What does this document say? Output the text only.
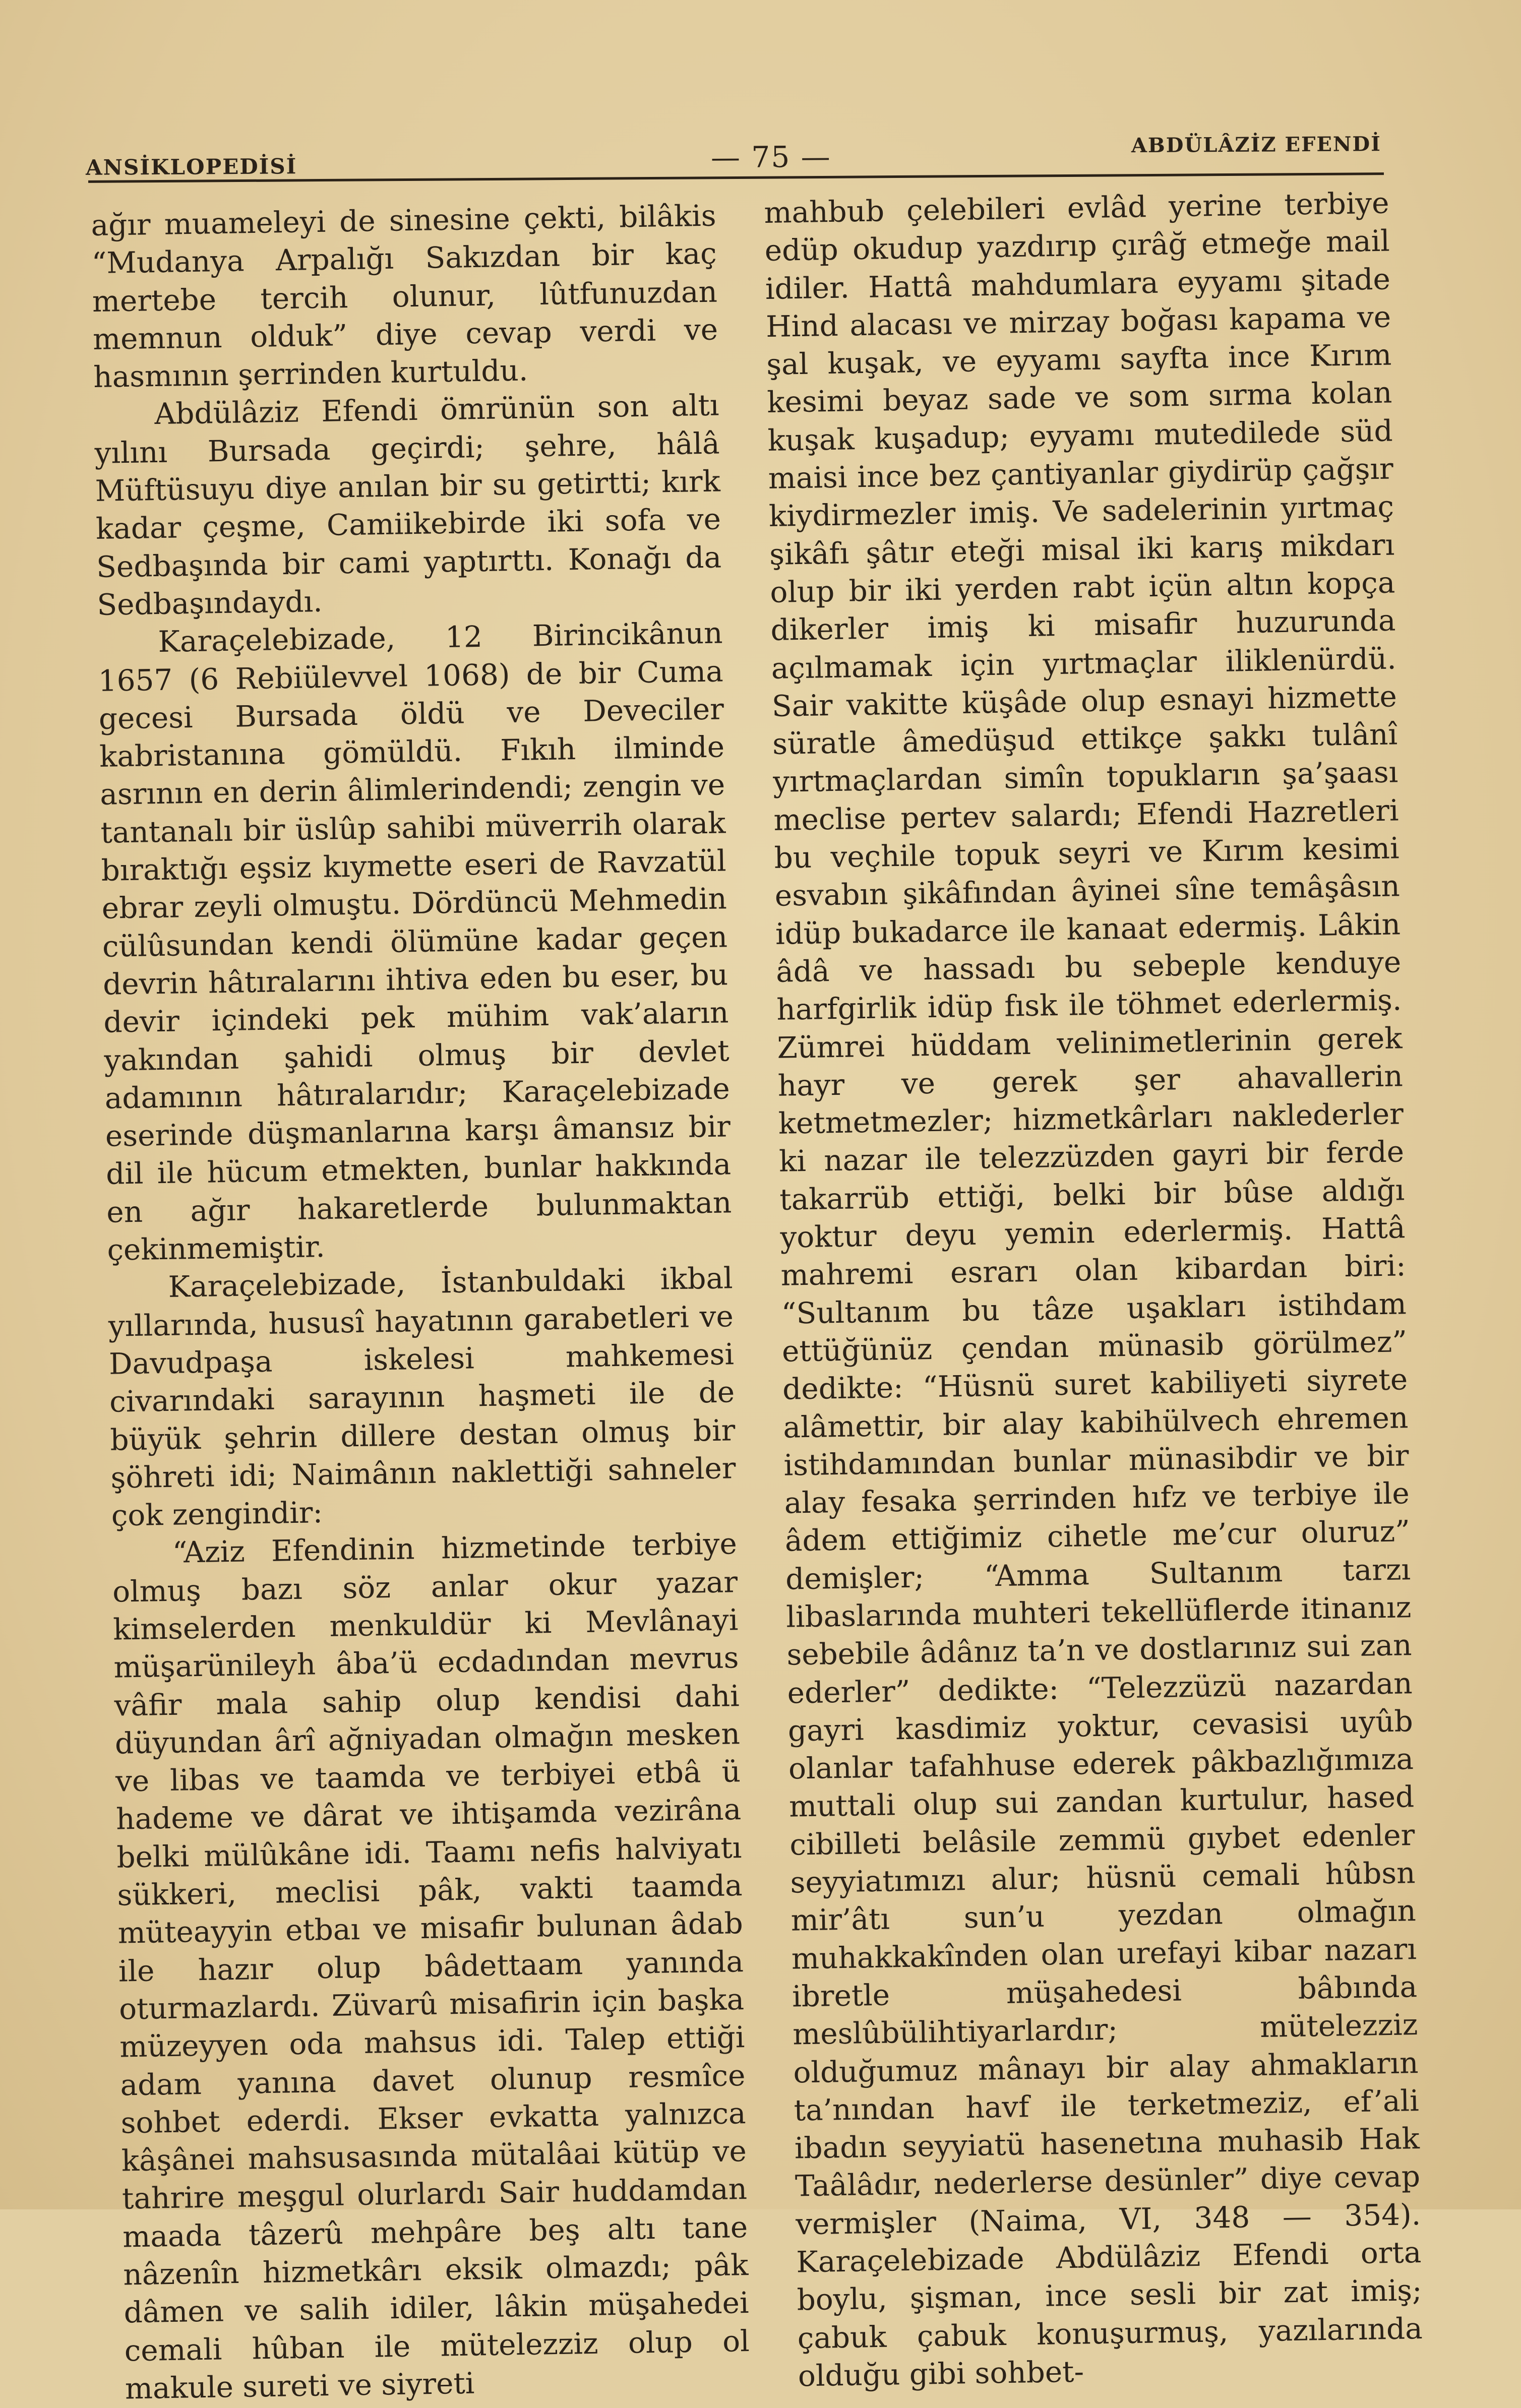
ANSİKLOPEDİSİ	— 75 —	ABDÜLÂZİZ EFENDİ

ağır muameleyi de sinesine çekti, bilâkis “Mudanya Arpalığı Sakızdan bir kaç mertebe tercih olunur, lûtfunuzdan memnun olduk” diye cevap verdi ve hasmının şerrinden kurtuldu.

Abdülâziz Efendi ömrünün son altı yılını Bursada geçirdi; şehre, hâlâ Müftüsuyu diye anılan bir su getirtti; kırk kadar çeşme, Camiikebirde iki sofa ve Sedbaşında bir cami yaptırttı. Konağı da Sedbaşındaydı.

Karaçelebizade, 12 Birincikânun 1657 (6 Rebiülevvel 1068) de bir Cuma gecesi Bursada öldü ve Deveciler kabristanına gömüldü. Fıkıh ilminde asrının en derin âlimlerindendi; zengin ve tantanalı bir üslûp sahibi müverrih olarak bıraktığı eşsiz kıymette eseri de Ravzatül ebrar zeyli olmuştu. Dördüncü Mehmedin cülûsundan kendi ölümüne kadar geçen devrin hâtıralarını ihtiva eden bu eser, bu devir içindeki pek mühim vak’aların yakından şahidi olmuş bir devlet adamının hâtıralarıdır; Karaçelebizade eserinde düşmanlarına karşı âmansız bir dil ile hücum etmekten, bunlar hakkında en ağır hakaretlerde bulunmaktan çekinmemiştir.

Karaçelebizade, İstanbuldaki ikbal yıllarında, hususî hayatının garabetleri ve Davudpaşa iskelesi mahkemesi civarındaki sarayının haşmeti ile de büyük şehrin dillere destan olmuş bir şöhreti idi; Naimânın naklettiği sahneler çok zengindir:

“Aziz Efendinin hizmetinde terbiye olmuş bazı söz anlar okur yazar kimselerden menkuldür ki Mevlânayi müşarünileyh âba’ü ecdadından mevrus vâfir mala sahip olup kendisi dahi düyundan ârî ağniyadan olmağın mesken ve libas ve taamda ve terbiyei etbâ ü hademe ve dârat ve ihtişamda vezirâna belki mülûkâne idi. Taamı nefis halviyatı sükkeri, meclisi pâk, vakti taamda müteayyin etbaı ve misafir bulunan âdab ile hazır olup bâdettaam yanında oturmazlardı. Züvarû misafirin için başka müzeyyen oda mahsus idi. Talep ettiği adam yanına davet olunup resmîce sohbet ederdi. Ekser evkatta yalnızca kâşânei mahsusasında mütalâai kütüp ve tahrire meşgul olurlardı Sair huddamdan maada tâzerû mehpâre beş altı tane nâzenîn hizmetkârı eksik olmazdı; pâk dâmen ve salih idiler, lâkin müşahedei cemali hûban ile mütelezziz olup ol makule sureti ve siyreti

mahbub çelebileri evlâd yerine terbiye edüp okudup yazdırıp çırâğ etmeğe mail idiler. Hattâ mahdumlara eyyamı şitade Hind alacası ve mirzay boğası kapama ve şal kuşak, ve eyyamı sayfta ince Kırım kesimi beyaz sade ve som sırma kolan kuşak kuşadup; eyyamı mutedilede süd maisi ince bez çantiyanlar giydirüp çağşır kiydirmezler imiş. Ve sadelerinin yırtmaç şikâfı şâtır eteği misal iki karış mikdarı olup bir iki yerden rabt içün altın kopça dikerler imiş ki misafir huzurunda açılmamak için yırtmaçlar iliklenürdü. Sair vakitte küşâde olup esnayi hizmette süratle âmedüşud ettikçe şakkı tulânî yırtmaçlardan simîn topukların şa’şaası meclise pertev salardı; Efendi Hazretleri bu veçhile topuk seyri ve Kırım kesimi esvabın şikâfından âyinei sîne temâşâsın idüp bukadarce ile kanaat edermiş. Lâkin âdâ ve hassadı bu sebeple kenduye harfgirlik idüp fısk ile töhmet ederlermiş. Zümrei hüddam velinimetlerinin gerek hayr ve gerek şer ahavallerin ketmetmezler; hizmetkârları naklederler ki nazar ile telezzüzden gayri bir ferde takarrüb ettiği, belki bir bûse aldığı yoktur deyu yemin ederlermiş. Hattâ mahremi esrarı olan kibardan biri: “Sultanım bu tâze uşakları istihdam ettüğünüz çendan münasib görülmez” dedikte: “Hüsnü suret kabiliyeti siyrete alâmettir, bir alay kabihülvech ehremen istihdamından bunlar münasibdir ve bir alay fesaka şerrinden hıfz ve terbiye ile âdem ettiğimiz cihetle me’cur oluruz” demişler; “Amma Sultanım tarzı libaslarında muhteri tekellüflerde itinanız sebebile âdânız ta’n ve dostlarınız sui zan ederler” dedikte: “Telezzüzü nazardan gayri kasdimiz yoktur, cevasisi uyûb olanlar tafahhuse ederek pâkbazlığımıza muttali olup sui zandan kurtulur, hased cibilleti belâsile zemmü gıybet edenler seyyiatımızı alur; hüsnü cemali hûbsn mir’âtı sun’u yezdan olmağın muhakkakînden olan urefayi kibar nazarı ibretle müşahedesi bâbında meslûbülihtiyarlardır; mütelezziz olduğumuz mânayı bir alay ahmakların ta’nından havf ile terketmeziz, ef’ali ibadın seyyiatü hasenetına muhasib Hak Taâlâdır, nederlerse desünler” diye cevap vermişler (Naima, VI, 348 — 354). Karaçelebizade Abdülâziz Efendi orta boylu, şişman, ince sesli bir zat imiş; çabuk çabuk konuşurmuş, yazılarında olduğu gibi sohbet-
